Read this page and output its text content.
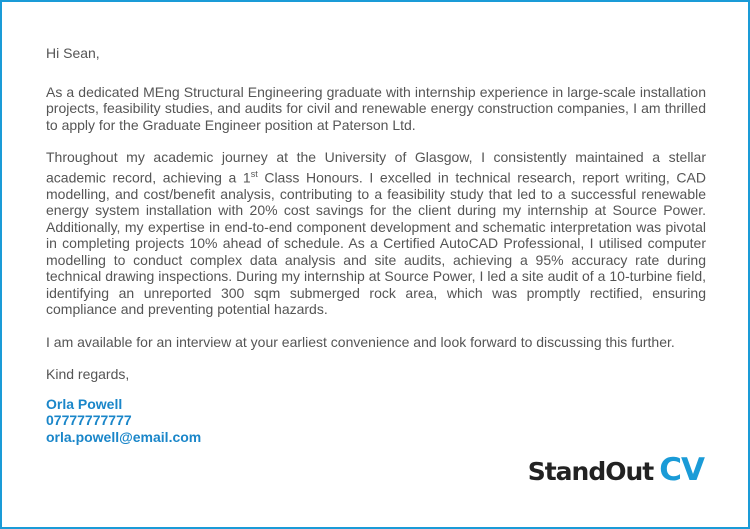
Hi Sean,

As a dedicated MEng Structural Engineering graduate with internship experience in large-scale installation projects, feasibility studies, and audits for civil and renewable energy construction companies, I am thrilled to apply for the Graduate Engineer position at Paterson Ltd.

Throughout my academic journey at the University of Glasgow, I consistently maintained a stellar academic record, achieving a 1st Class Honours. I excelled in technical research, report writing, CAD modelling, and cost/benefit analysis, contributing to a feasibility study that led to a successful renewable energy system installation with 20% cost savings for the client during my internship at Source Power. Additionally, my expertise in end-to-end component development and schematic interpretation was pivotal in completing projects 10% ahead of schedule. As a Certified AutoCAD Professional, I utilised computer modelling to conduct complex data analysis and site audits, achieving a 95% accuracy rate during technical drawing inspections. During my internship at Source Power, I led a site audit of a 10-turbine field, identifying an unreported 300 sqm submerged rock area, which was promptly rectified, ensuring compliance and preventing potential hazards.

I am available for an interview at your earliest convenience and look forward to discussing this further.

Kind regards,

Orla Powell
07777777777
orla.powell@email.com
StandOut CV
